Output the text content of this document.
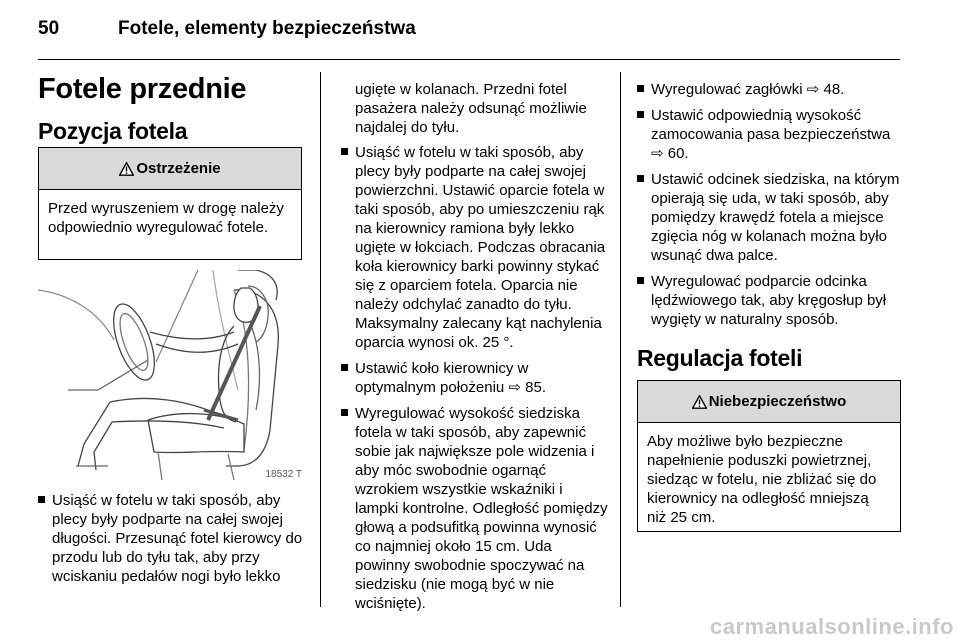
50	Fotele, elementy bezpieczeństwa
Fotele przednie
Pozycja fotela
Ostrzeżenie
Przed wyruszeniem w drogę należy odpowiednio wyregulować fotele.
18532 T
Usiąść w fotelu w taki sposób, aby plecy były podparte na całej swojej długości. Przesunąć fotel kierowcy do przodu lub do tyłu tak, aby przy wciskaniu pedałów nogi było lekko
ugięte w kolanach. Przedni fotel pasażera należy odsunąć możliwie najdalej do tyłu.
Usiąść w fotelu w taki sposób, aby plecy były podparte na całej swojej powierzchni. Ustawić oparcie fotela w taki sposób, aby po umieszczeniu rąk na kierownicy ramiona były lekko ugięte w łokciach. Podczas obracania koła kierownicy barki powinny stykać się z oparciem fotela. Oparcia nie należy odchylać zanadto do tyłu. Maksymalny zalecany kąt nachylenia oparcia wynosi ok. 25 °.
Ustawić koło kierownicy w optymalnym położeniu ⇨ 85.
Wyregulować wysokość siedziska fotela w taki sposób, aby zapewnić sobie jak największe pole widzenia i aby móc swobodnie ogarnąć wzrokiem wszystkie wskaźniki i lampki kontrolne. Odległość pomiędzy głową a podsufitką powinna wynosić co najmniej około 15 cm. Uda powinny swobodnie spoczywać na siedzisku (nie mogą być w nie wciśnięte).
Wyregulować zagłówki ⇨ 48.
Ustawić odpowiednią wysokość zamocowania pasa bezpieczeństwa ⇨ 60.
Ustawić odcinek siedziska, na którym opierają się uda, w taki sposób, aby pomiędzy krawędź fotela a miejsce zgięcia nóg w kolanach można było wsunąć dwa palce.
Wyregulować podparcie odcinka lędźwiowego tak, aby kręgosłup był wygięty w naturalny sposób.
Regulacja foteli
Niebezpieczeństwo
Aby możliwe było bezpieczne napełnienie poduszki powietrznej, siedząc w fotelu, nie zbliżać się do kierownicy na odległość mniejszą niż 25 cm.
carmanualsonline.info
